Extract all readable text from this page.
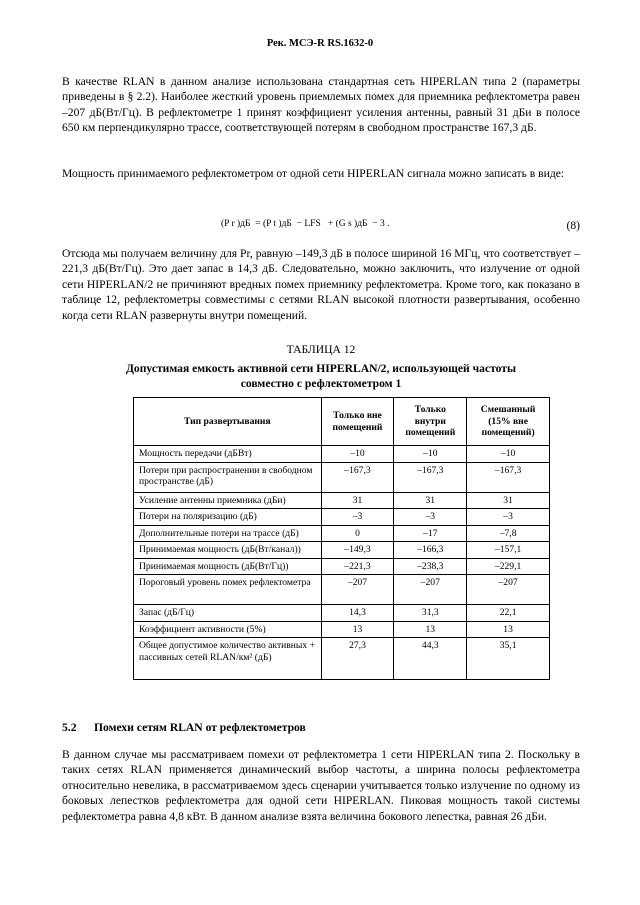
Рек. МСЭ-R RS.1632-0

В качестве RLAN в данном анализе использована стандартная сеть HIPERLAN типа 2 (параметры приведены в § 2.2). Наиболее жесткий уровень приемлемых помех для приемника рефлектометра равен –207 дБ(Вт/Гц). В рефлектометре 1 принят коэффициент усиления антенны, равный 31 дБи в полосе 650 км перпендикулярно трассе, соответствующей потерям в свободном пространстве 167,3 дБ.

Мощность принимаемого рефлектометром от одной сети HIPERLAN сигнала можно записать в виде:

(P r )дБ  = (P t )дБ  − LFS   + (G s )дБ  − 3 .	(8)

Отсюда мы получаем величину для Pr, равную –149,3 дБ в полосе шириной 16 МГц, что соответствует –221,3 дБ(Вт/Гц). Это дает запас в 14,3 дБ. Следовательно, можно заключить, что излучение от одной сети HIPERLAN/2 не причиняют вредных помех приемнику рефлектометра. Кроме того, как показано в таблице 12, рефлектометры совместимы с сетями RLAN высокой плотности развертывания, особенно когда сети RLAN развернуты внутри помещений.

ТАБЛИЦА 12
Допустимая емкость активной сети HIPERLAN/2, использующей частоты
совместно с рефлектометром 1
Тип развертывания	Только вне помещений	Только внутри помещений	Смешанный (15% вне помещений)
Мощность передачи (дБВт)	–10	–10	–10
Потери при распространении в свободном пространстве (дБ)	–167,3	–167,3	–167,3
Усиление антенны приемника (дБи)	31	31	31
Потери на поляризацию (дБ)	–3	–3	–3
Дополнительные потери на трассе (дБ)	0	–17	–7,8
Принимаемая мощность (дБ(Вт/канал))	–149,3	–166,3	–157,1
Принимаемая мощность (дБ(Вт/Гц))	–221,3	–238,3	–229,1
Пороговый уровень помех рефлектометра	–207	–207	–207
Запас (дБ/Гц)	14,3	31,3	22,1
Коэффициент активности (5%)	13	13	13
Общее допустимое количество активных + пассивных сетей RLAN/км² (дБ)	27,3	44,3	35,1
5.2 Помехи сетям RLAN от рефлектометров

В данном случае мы рассматриваем помехи от рефлектометра 1 сети HIPERLAN типа 2. Поскольку в таких сетях RLAN применяется динамический выбор частоты, а ширина полосы рефлектометра относительно невелика, в рассматриваемом здесь сценарии учитывается только излучение по одному из боковых лепестков рефлектометра для одной сети HIPERLAN. Пиковая мощность такой системы рефлектометра равна 4,8 кВт. В данном анализе взята величина бокового лепестка, равная 26 дБи.
